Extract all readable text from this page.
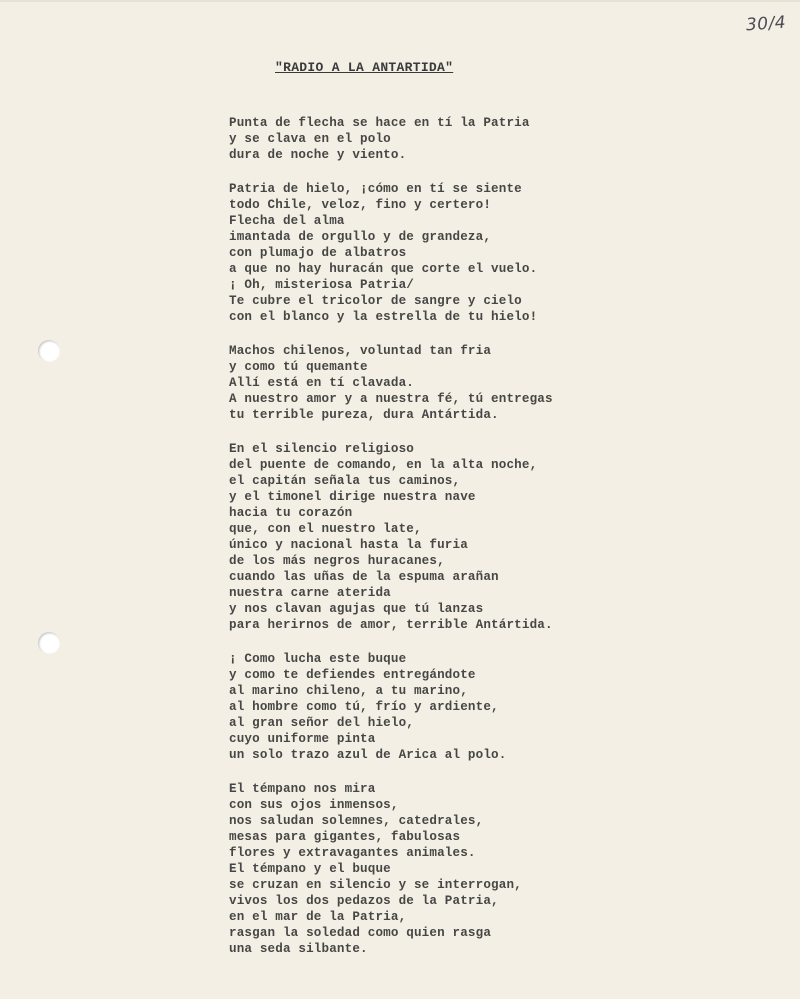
30/4
"RADIO A LA ANTARTIDA"
Punta de flecha se hace en tí la Patria
y se clava en el polo
dura de noche y viento.
Patria de hielo, ¡cómo en tí se siente
todo Chile, veloz, fino y certero!
Flecha del alma
imantada de orgullo y de grandeza,
con plumajo de albatros
a que no hay huracán que corte el vuelo.
¡ Oh, misteriosa Patria/
Te cubre el tricolor de sangre y cielo
con el blanco y la estrella de tu hielo!
Machos chilenos, voluntad tan fria
y como tú quemante
Allí está en tí clavada.
A nuestro amor y a nuestra fé, tú entregas
tu terrible pureza, dura Antártida.
En el silencio religioso
del puente de comando, en la alta noche,
el capitán señala tus caminos,
y el timonel dirige nuestra nave
hacia tu corazón
que, con el nuestro late,
único y nacional hasta la furia
de los más negros huracanes,
cuando las uñas de la espuma arañan
nuestra carne aterida
y nos clavan agujas que tú lanzas
para herirnos de amor, terrible Antártida.
¡ Como lucha este buque
y como te defiendes entregándote
al marino chileno, a tu marino,
al hombre como tú, frío y ardiente,
al gran señor del hielo,
cuyo uniforme pinta
un solo trazo azul de Arica al polo.
El témpano nos mira
con sus ojos inmensos,
nos saludan solemnes, catedrales,
mesas para gigantes, fabulosas
flores y extravagantes animales.
El témpano y el buque
se cruzan en silencio y se interrogan,
vivos los dos pedazos de la Patria,
en el mar de la Patria,
rasgan la soledad como quien rasga
una seda silbante.
